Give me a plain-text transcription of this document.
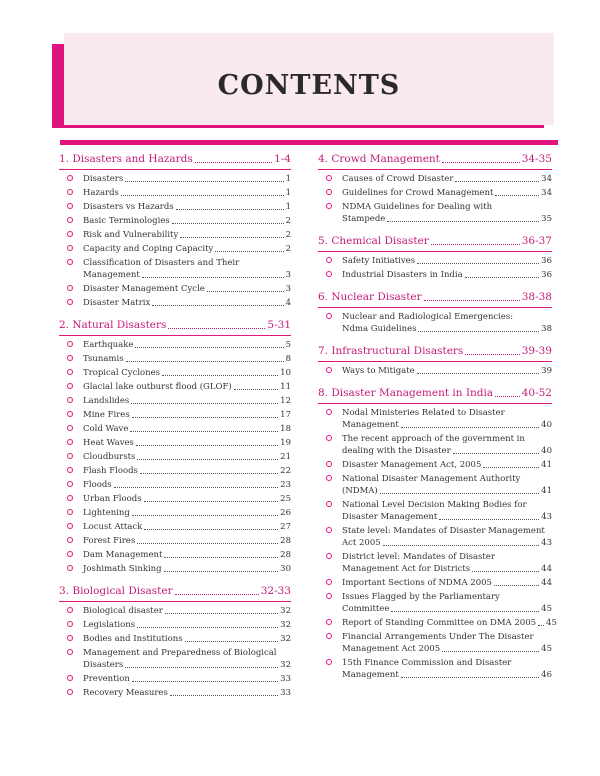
CONTENTS
1. Disasters and Hazards	1-4
Disasters	1
Hazards	1
Disasters vs Hazards	1
Basic Terminologies	2
Risk and Vulnerability	2
Capacity and Coping Capacity	2
Classification of Disasters and Their
Management	3
Disaster Management Cycle	3
Disaster Matrix	4
2. Natural Disasters	5-31
Earthquake	5
Tsunamis	8
Tropical Cyclones	10
Glacial lake outburst flood (GLOF)	11
Landslides	12
Mine Fires	17
Cold Wave	18
Heat Waves	19
Cloudbursts	21
Flash Floods	22
Floods	23
Urban Floods	25
Lightening	26
Locust Attack	27
Forest Fires	28
Dam Management	28
Joshimath Sinking	30
3. Biological Disaster	32-33
Biological disaster	32
Legislations	32
Bodies and Institutions	32
Management and Preparedness of Biological
Disasters	32
Prevention	33
Recovery Measures	33
4. Crowd Management	34-35
Causes of Crowd Disaster	34
Guidelines for Crowd Management	34
NDMA Guidelines for Dealing with
Stampede	35
5. Chemical Disaster	36-37
Safety Initiatives	36
Industrial Disasters in India	36
6. Nuclear Disaster	38-38
Nuclear and Radiological Emergencies:
Ndma Guidelines	38
7. Infrastructural Disasters	39-39
Ways to Mitigate	39
8. Disaster Management in India	40-52
Nodal Ministeries Related to Disaster
Management	40
The recent approach of the government in
dealing with the Disaster	40
Disaster Management Act, 2005	41
National Disaster Management Authority
(NDMA)	41
National Level Decision Making Bodies for
Disaster Management	43
State level: Mandates of Disaster Management
Act 2005	43
District level: Mandates of Disaster
Management Act for Districts	44
Important Sections of NDMA 2005	44
Issues Flagged by the Parliamentary
Committee	45
Report of Standing Committee on DMA 2005 45
Financial Arrangements Under The Disaster
Management Act 2005	45
15th Finance Commission and Disaster
Management	46
